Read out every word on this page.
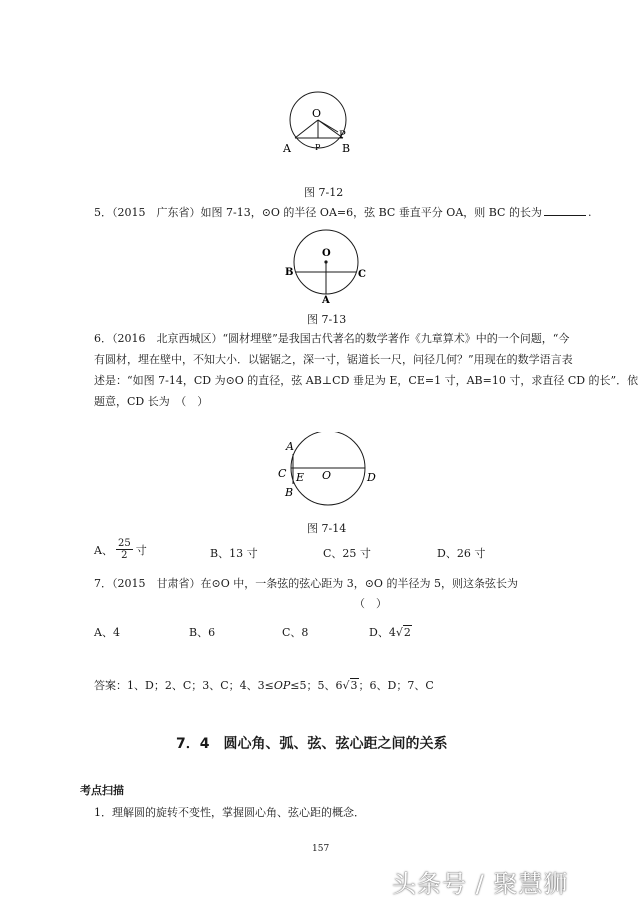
O
A	B
P
P
图 7-12
5．（2015　广东省）如图 7-13，⊙O 的半径 OA=6，弦 BC 垂直平分 OA，则 BC 的长为	.
O
B	C
A
图 7-13
6．（2016　北京西城区）“圆材埋壁”是我国古代著名的数学著作《九章算术》中的一个问题，“今
有圆材，埋在壁中，不知大小．以锯锯之，深一寸，锯道长一尺，问径几何？”用现在的数学语言表
述是：“如图 7-14，CD 为⊙O 的直径，弦 AB⊥CD 垂足为 E，CE=1 寸，AB=10 寸，求直径 CD 的长”．依
题意，CD 长为　（　）
A
C E O	D
B
图 7-14
A、 $\frac{25}{2}$ 寸	B、13 寸	C、25 寸	D、26 寸
7．（2015　甘肃省）在⊙O 中，一条弦的弦心距为 3，⊙O 的半径为 5，则这条弦长为
（　）
A、4	B、6	C、8	D、4√2
答案：1、D；2、C；3、C；4、3≤OP≤5；5、6√3；6、D；7、C
7．4　圆心角、弧、弦、弦心距之间的关系
考点扫描
1．理解圆的旋转不变性，掌握圆心角、弦心距的概念．
157
头条号 / 聚慧狮
